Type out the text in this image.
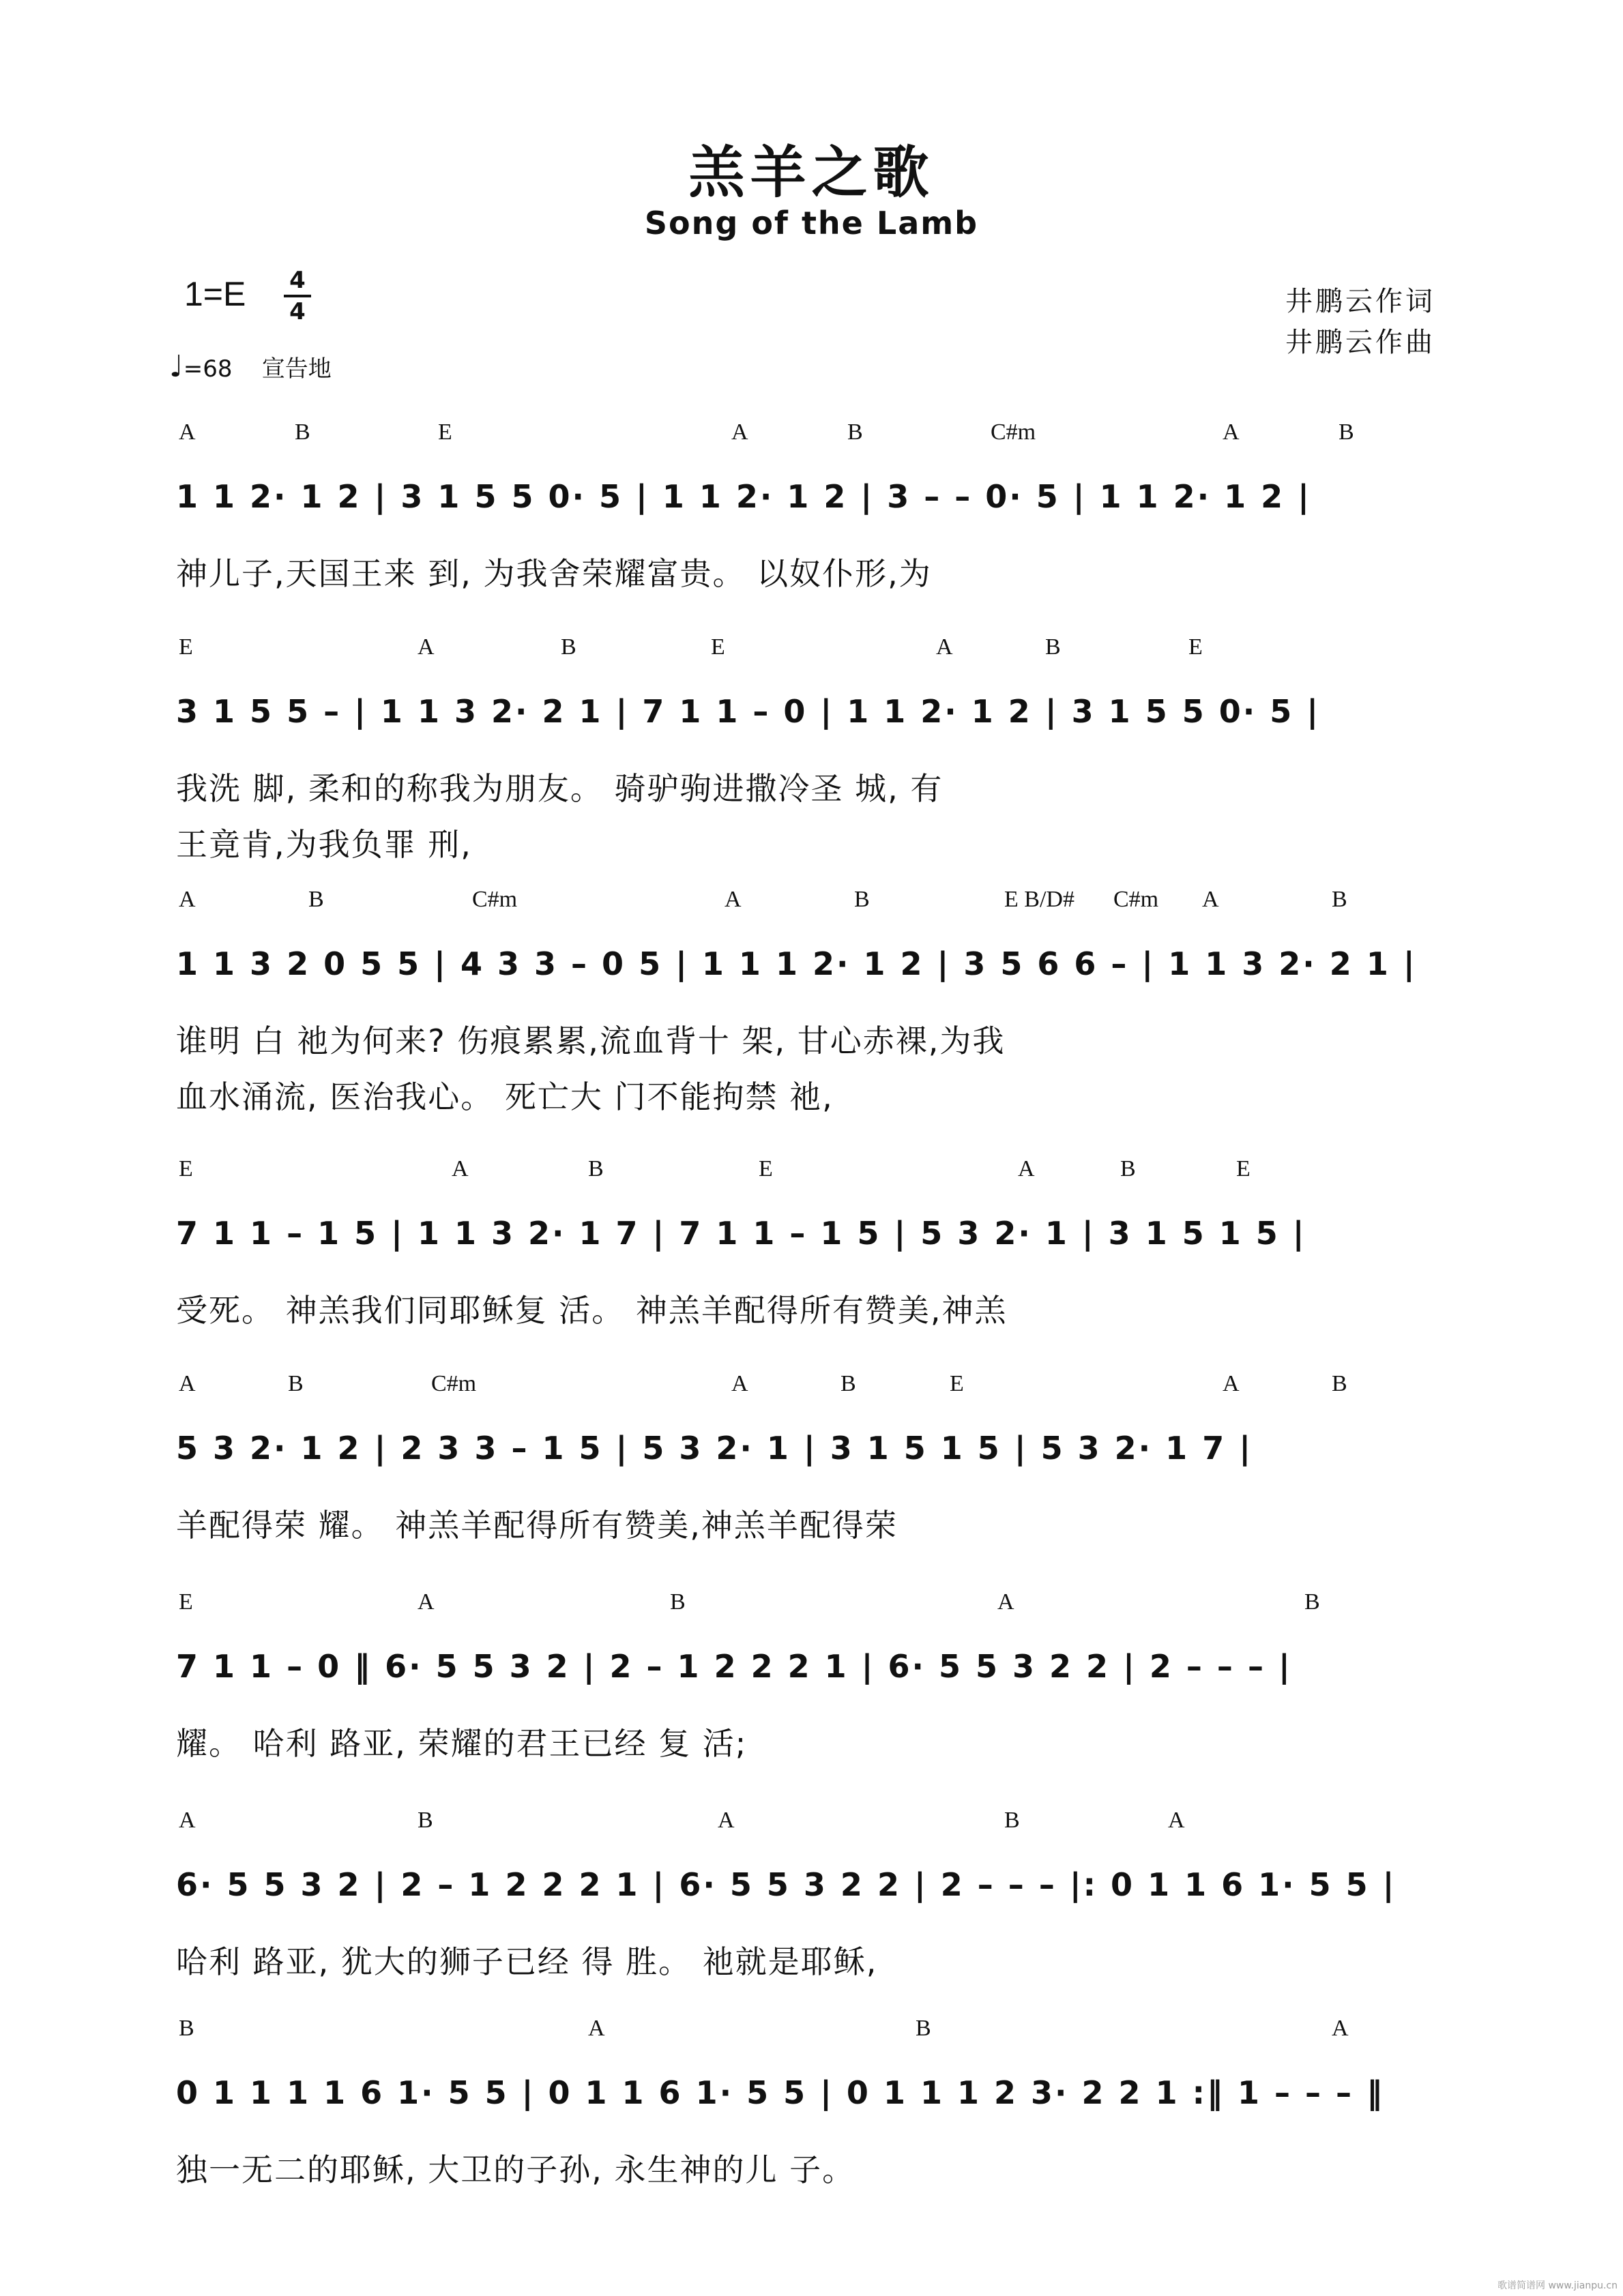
羔羊之歌
Song of the Lamb
1=E 4
4
♩=68 宣告地
井鹏云作词
井鹏云作曲
A	B	E	A	B	C#m	A	B
1 1 2· 1 2 | 3 1 5 5 0· 5 | 1 1 2· 1 2 | 3 – – 0· 5 | 1 1 2· 1 2 |
神儿子,天国王来 到, 为我舍荣耀富贵。 以奴仆形,为
E	A	B	E	A	B	E
3 1 5 5 – | 1 1 3 2· 2 1 | 7 1 1 – 0 | 1 1 2· 1 2 | 3 1 5 5 0· 5 |
我洗 脚, 柔和的称我为朋友。 骑驴驹进撒冷圣 城, 有
王竟肯,为我负罪 刑,
A	B	C#m	A	B	E B/D# C#m A	B
1 1 3 2 0 5 5 | 4 3 3 – 0 5 | 1 1 1 2· 1 2 | 3 5 6 6 – | 1 1 3 2· 2 1 |
谁明 白 祂为何来? 伤痕累累,流血背十 架, 甘心赤裸,为我
血水涌流, 医治我心。 死亡大 门不能拘禁 祂,
E	A	B	E	A	B	E
7 1 1 – 1 5 | 1 1 3 2· 1 7 | 7 1 1 – 1 5 | 5 3 2· 1 | 3 1 5 1 5 |
受死。 神羔我们同耶稣复 活。 神羔羊配得所有赞美,神羔
A	B	C#m	A	B	E	A	B
5 3 2· 1 2 | 2 3 3 – 1 5 | 5 3 2· 1 | 3 1 5 1 5 | 5 3 2· 1 7 |
羊配得荣 耀。 神羔羊配得所有赞美,神羔羊配得荣
E	A	B	A	B
7 1 1 – 0 ‖ 6· 5 5 3 2 | 2 – 1 2 2 2 1 | 6· 5 5 3 2 2 | 2 – – – |
耀。 哈利 路亚, 荣耀的君王已经 复 活;
A	B	A	B	A
6· 5 5 3 2 | 2 – 1 2 2 2 1 | 6· 5 5 3 2 2 | 2 – – – |: 0 1 1 6 1· 5 5 |
哈利 路亚, 犹大的狮子已经 得 胜。 祂就是耶稣,
B	A	B	A
0 1 1 1 1 6 1· 5 5 | 0 1 1 6 1· 5 5 | 0 1 1 1 2 3· 2 2 1 :‖ 1 – – – ‖
独一无二的耶稣, 大卫的子孙, 永生神的儿 子。
歌谱简谱网 www.jianpu.cn
